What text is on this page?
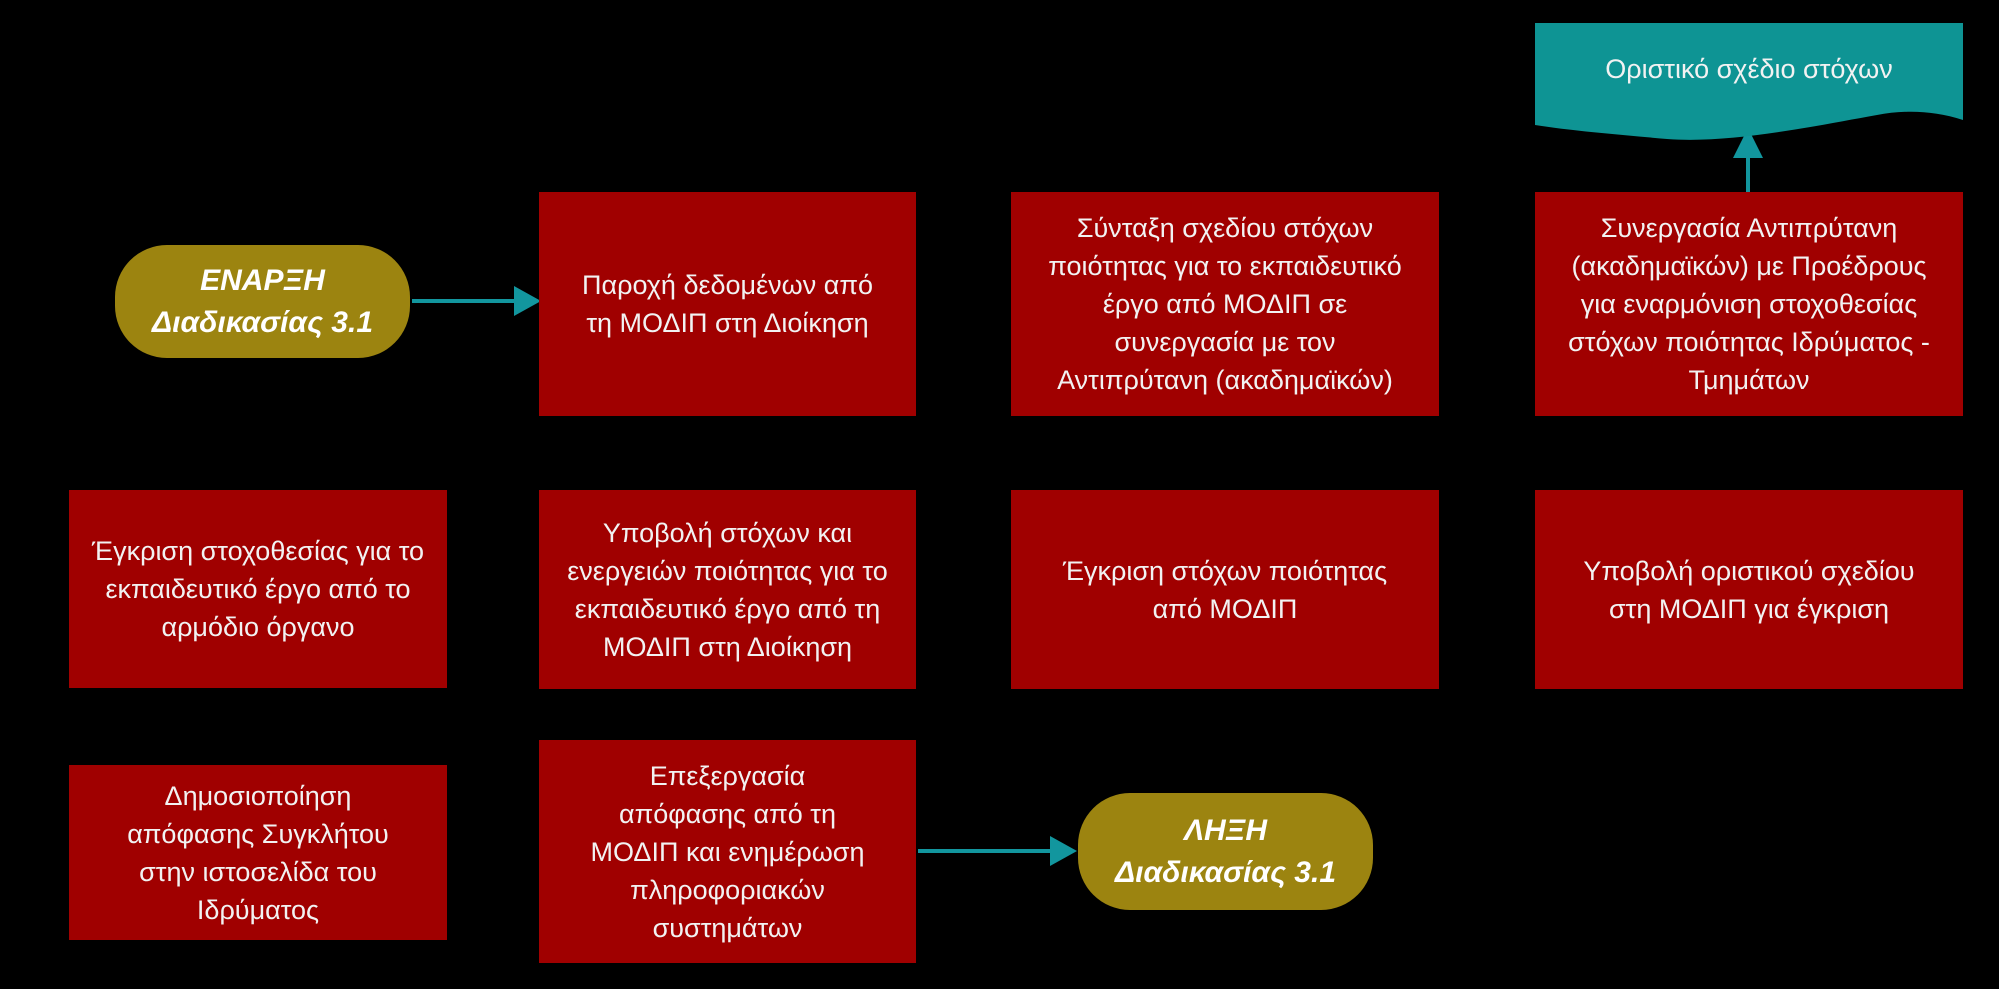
Οριστικό σχέδιο στόχων
ΕΝΑΡΞΗ
Διαδικασίας 3.1
Παροχή δεδομένων από τη ΜΟΔΙΠ στη Διοίκηση
Σύνταξη σχεδίου στόχων ποιότητας για το εκπαιδευτικό έργο από ΜΟΔΙΠ σε συνεργασία με τον Αντιπρύτανη (ακαδημαϊκών)
Συνεργασία Αντιπρύτανη (ακαδημαϊκών) με Προέδρους για εναρμόνιση στοχοθεσίας στόχων ποιότητας Ιδρύματος - Τμημάτων
Έγκριση στοχοθεσίας για το εκπαιδευτικό έργο από το αρμόδιο όργανο
Υποβολή στόχων και ενεργειών ποιότητας για το εκπαιδευτικό έργο από τη ΜΟΔΙΠ στη Διοίκηση
Έγκριση στόχων ποιότητας από ΜΟΔΙΠ
Υποβολή οριστικού σχεδίου στη ΜΟΔΙΠ για έγκριση
Δημοσιοποίηση απόφασης Συγκλήτου στην ιστοσελίδα του Ιδρύματος
Επεξεργασία απόφασης από τη ΜΟΔΙΠ και ενημέρωση πληροφοριακών συστημάτων
ΛΗΞΗ
Διαδικασίας 3.1
